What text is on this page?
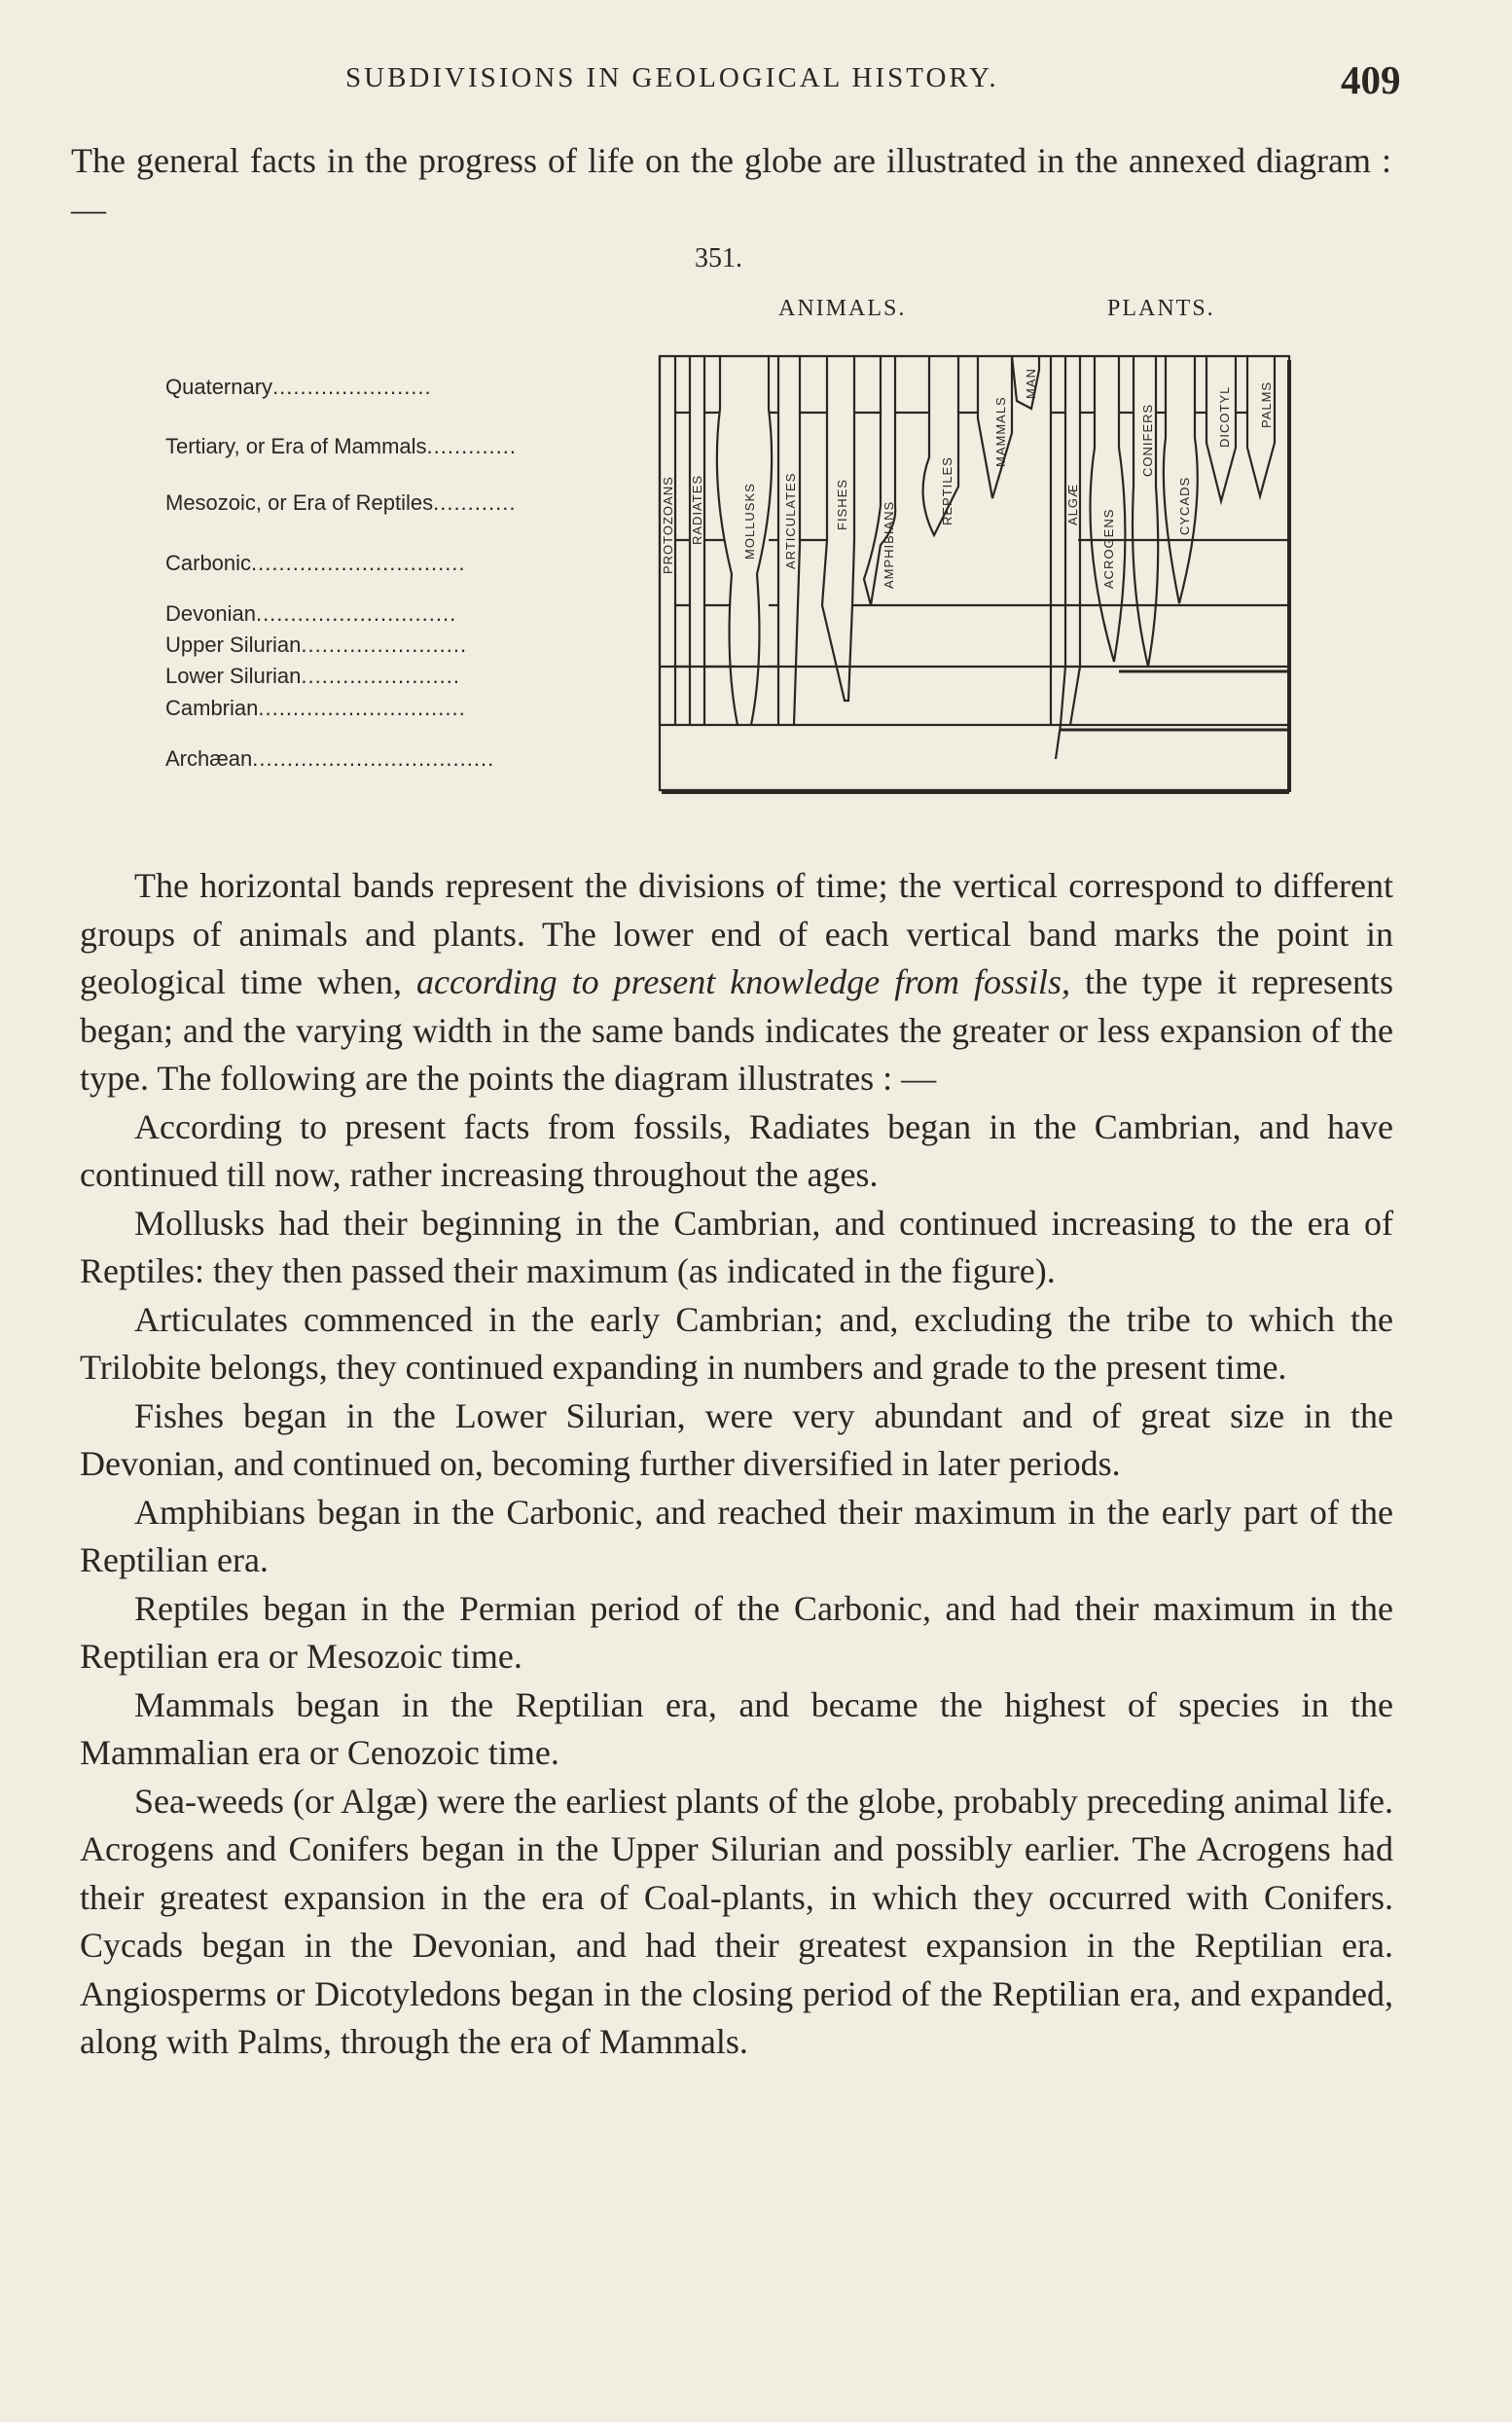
SUBDIVISIONS IN GEOLOGICAL HISTORY.	409
The general facts in the progress of life on the globe are illustrated in the annexed diagram : —
351.
ANIMALS.	PLANTS.
Quaternary.......................
Tertiary, or Era of Mammals.............
Mesozoic, or Era of Reptiles............
Carbonic...............................
Devonian.............................
Upper Silurian........................
Lower Silurian.......................
Cambrian..............................
Archæan...................................
PROTOZOANS RADIATES	MOLLUSKS ARTICULATES	FISHES	AMPHIBIANS
REPTILES
MAMMALS
MAN
ALGÆ
ACROGENS
CONIFERS
CYCADS
DICOTYL PALMS

The horizontal bands represent the divisions of time; the vertical correspond to different groups of animals and plants. The lower end of each vertical band marks the point in geological time when, according to present knowledge from fossils, the type it represents began; and the varying width in the same bands indicates the greater or less expansion of the type. The following are the points the diagram illustrates : —

According to present facts from fossils, Radiates began in the Cambrian, and have continued till now, rather increasing throughout the ages.

Mollusks had their beginning in the Cambrian, and continued increasing to the era of Reptiles: they then passed their maximum (as indicated in the figure).

Articulates commenced in the early Cambrian; and, excluding the tribe to which the Trilobite belongs, they continued expanding in numbers and grade to the present time.

Fishes began in the Lower Silurian, were very abundant and of great size in the Devonian, and continued on, becoming further diversified in later periods.

Amphibians began in the Carbonic, and reached their maximum in the early part of the Reptilian era.

Reptiles began in the Permian period of the Carbonic, and had their maximum in the Reptilian era or Mesozoic time.

Mammals began in the Reptilian era, and became the highest of species in the Mammalian era or Cenozoic time.

Sea-weeds (or Algæ) were the earliest plants of the globe, probably preceding animal life. Acrogens and Conifers began in the Upper Silurian and possibly earlier. The Acrogens had their greatest expansion in the era of Coal-plants, in which they occurred with Conifers. Cycads began in the Devonian, and had their greatest expansion in the Reptilian era. Angiosperms or Dicotyledons began in the closing period of the Reptilian era, and expanded, along with Palms, through the era of Mammals.
